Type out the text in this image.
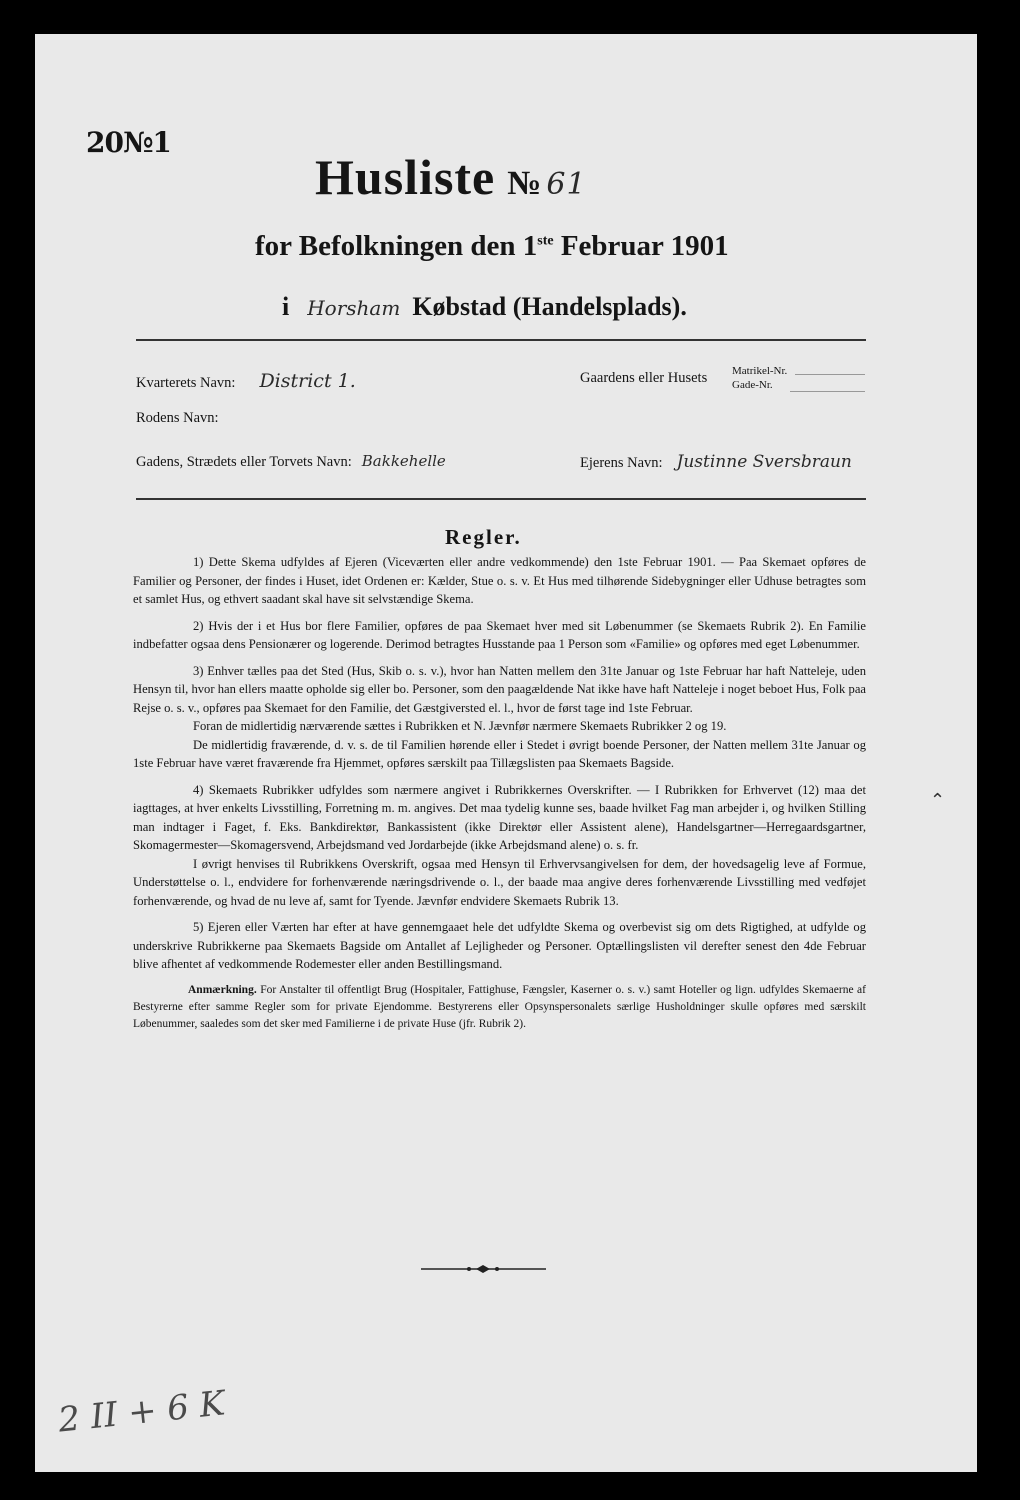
20№1
Husliste № 61
for Befolkningen den 1ste Februar 1901
i Horsham Købstad (Handelsplads).
Kvarterets Navn: District 1.	Gaardens eller Husets Matrikel-Nr.
Gade-Nr.
Rodens Navn:
Gadens, Strædets eller Torvets Navn: Bakkehelle	Ejerens Navn: Justinne Sversbraun
Regler.

1) Dette Skema udfyldes af Ejeren (Viceværten eller andre vedkommende) den 1ste Februar 1901. — Paa Skemaet opføres de Familier og Personer, der findes i Huset, idet Ordenen er: Kælder, Stue o. s. v. Et Hus med tilhørende Sidebygninger eller Udhuse betragtes som et samlet Hus, og ethvert saadant skal have sit selvstændige Skema.

2) Hvis der i et Hus bor flere Familier, opføres de paa Skemaet hver med sit Løbenummer (se Skemaets Rubrik 2). En Familie indbefatter ogsaa dens Pensionærer og logerende. Derimod betragtes Husstande paa 1 Person som «Familie» og opføres med eget Løbenummer.

3) Enhver tælles paa det Sted (Hus, Skib o. s. v.), hvor han Natten mellem den 31te Januar og 1ste Februar har haft Natteleje, uden Hensyn til, hvor han ellers maatte opholde sig eller bo. Personer, som den paagældende Nat ikke have haft Natteleje i noget beboet Hus, Folk paa Rejse o. s. v., opføres paa Skemaet for den Familie, det Gæstgiversted el. l., hvor de først tage ind 1ste Februar.

Foran de midlertidig nærværende sættes i Rubrikken et N. Jævnfør nærmere Skemaets Rubrikker 2 og 19.

De midlertidig fraværende, d. v. s. de til Familien hørende eller i Stedet i øvrigt boende Personer, der Natten mellem 31te Januar og 1ste Februar have været fraværende fra Hjemmet, opføres særskilt paa Tillægslisten paa Skemaets Bagside.

4) Skemaets Rubrikker udfyldes som nærmere angivet i Rubrikkernes Overskrifter. — I Rubrikken for Erhvervet (12) maa det iagttages, at hver enkelts Livsstilling, Forretning m. m. angives. Det maa tydelig kunne ses, baade hvilket Fag man arbejder i, og hvilken Stilling man indtager i Faget, f. Eks. Bankdirektør, Bankassistent (ikke Direktør eller Assistent alene), Handelsgartner—Herregaardsgartner, Skomagermester—Skomagersvend, Arbejdsmand ved Jordarbejde (ikke Arbejdsmand alene) o. s. fr.

I øvrigt henvises til Rubrikkens Overskrift, ogsaa med Hensyn til Erhvervsangivelsen for dem, der hovedsagelig leve af Formue, Understøttelse o. l., endvidere for forhenværende næringsdrivende o. l., der baade maa angive deres forhenværende Livsstilling med vedføjet forhenværende, og hvad de nu leve af, samt for Tyende. Jævnfør endvidere Skemaets Rubrik 13.

5) Ejeren eller Værten har efter at have gennemgaaet hele det udfyldte Skema og overbevist sig om dets Rigtighed, at udfylde og underskrive Rubrikkerne paa Skemaets Bagside om Antallet af Lejligheder og Personer. Optællingslisten vil derefter senest den 4de Februar blive afhentet af vedkommende Rodemester eller anden Bestillingsmand.

Anmærkning. For Anstalter til offentligt Brug (Hospitaler, Fattighuse, Fængsler, Kaserner o. s. v.) samt Hoteller og lign. udfyldes Skemaerne af Bestyrerne efter samme Regler som for private Ejendomme. Bestyrerens eller Opsynspersonalets særlige Husholdninger skulle opføres med særskilt Løbenummer, saaledes som det sker med Familierne i de private Huse (jfr. Rubrik 2).

⌃
2 II + 6 K
